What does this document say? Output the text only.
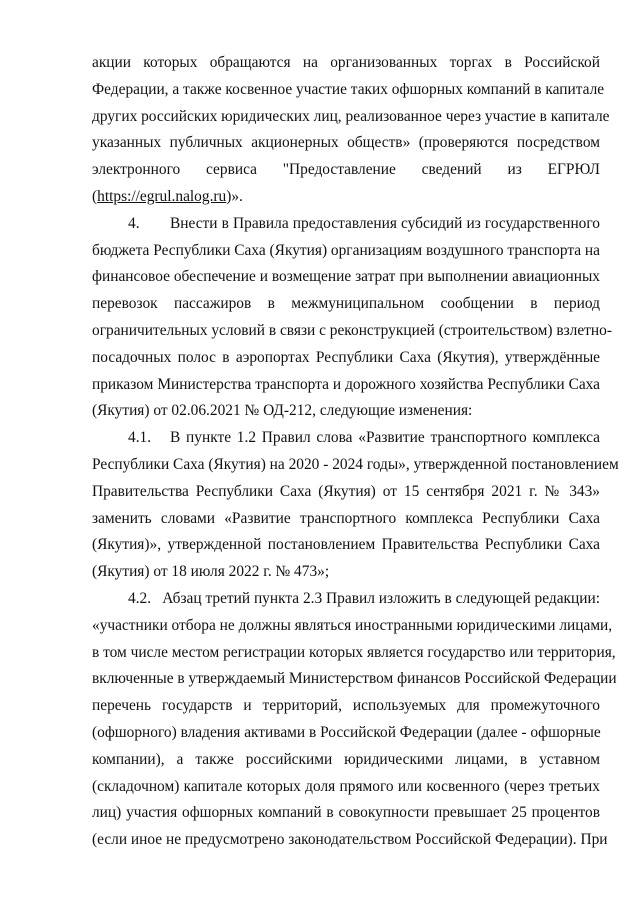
акции которых обращаются на организованных торгах в Российской
Федерации, а также косвенное участие таких офшорных компаний в капитале
других российских юридических лиц, реализованное через участие в капитале
указанных публичных акционерных обществ» (проверяются посредством
электронного сервиса "Предоставление сведений из ЕГРЮЛ
(https://egrul.nalog.ru)».
4.	Внести в Правила предоставления субсидий из государственного
бюджета Республики Саха (Якутия) организациям воздушного транспорта на
финансовое обеспечение и возмещение затрат при выполнении авиационных
перевозок пассажиров в межмуниципальном сообщении в период
ограничительных условий в связи с реконструкцией (строительством) взлетно-
посадочных полос в аэропортах Республики Саха (Якутия), утверждённые
приказом Министерства транспорта и дорожного хозяйства Республики Саха
(Якутия) от 02.06.2021 № ОД-212, следующие изменения:
4.1.	В пункте 1.2 Правил слова «Развитие транспортного комплекса
Республики Саха (Якутия) на 2020 - 2024 годы», утвержденной постановлением
Правительства Республики Саха (Якутия) от 15 сентября 2021 г. № 343»
заменить словами «Развитие транспортного комплекса Республики Саха
(Якутия)», утвержденной постановлением Правительства Республики Саха
(Якутия) от 18 июля 2022 г. № 473»;
4.2. Абзац третий пункта 2.3 Правил изложить в следующей редакции:
«участники отбора не должны являться иностранными юридическими лицами,
в том числе местом регистрации которых является государство или территория,
включенные в утверждаемый Министерством финансов Российской Федерации
перечень государств и территорий, используемых для промежуточного
(офшорного) владения активами в Российской Федерации (далее - офшорные
компании), а также российскими юридическими лицами, в уставном
(складочном) капитале которых доля прямого или косвенного (через третьих
лиц) участия офшорных компаний в совокупности превышает 25 процентов
(если иное не предусмотрено законодательством Российской Федерации). При
